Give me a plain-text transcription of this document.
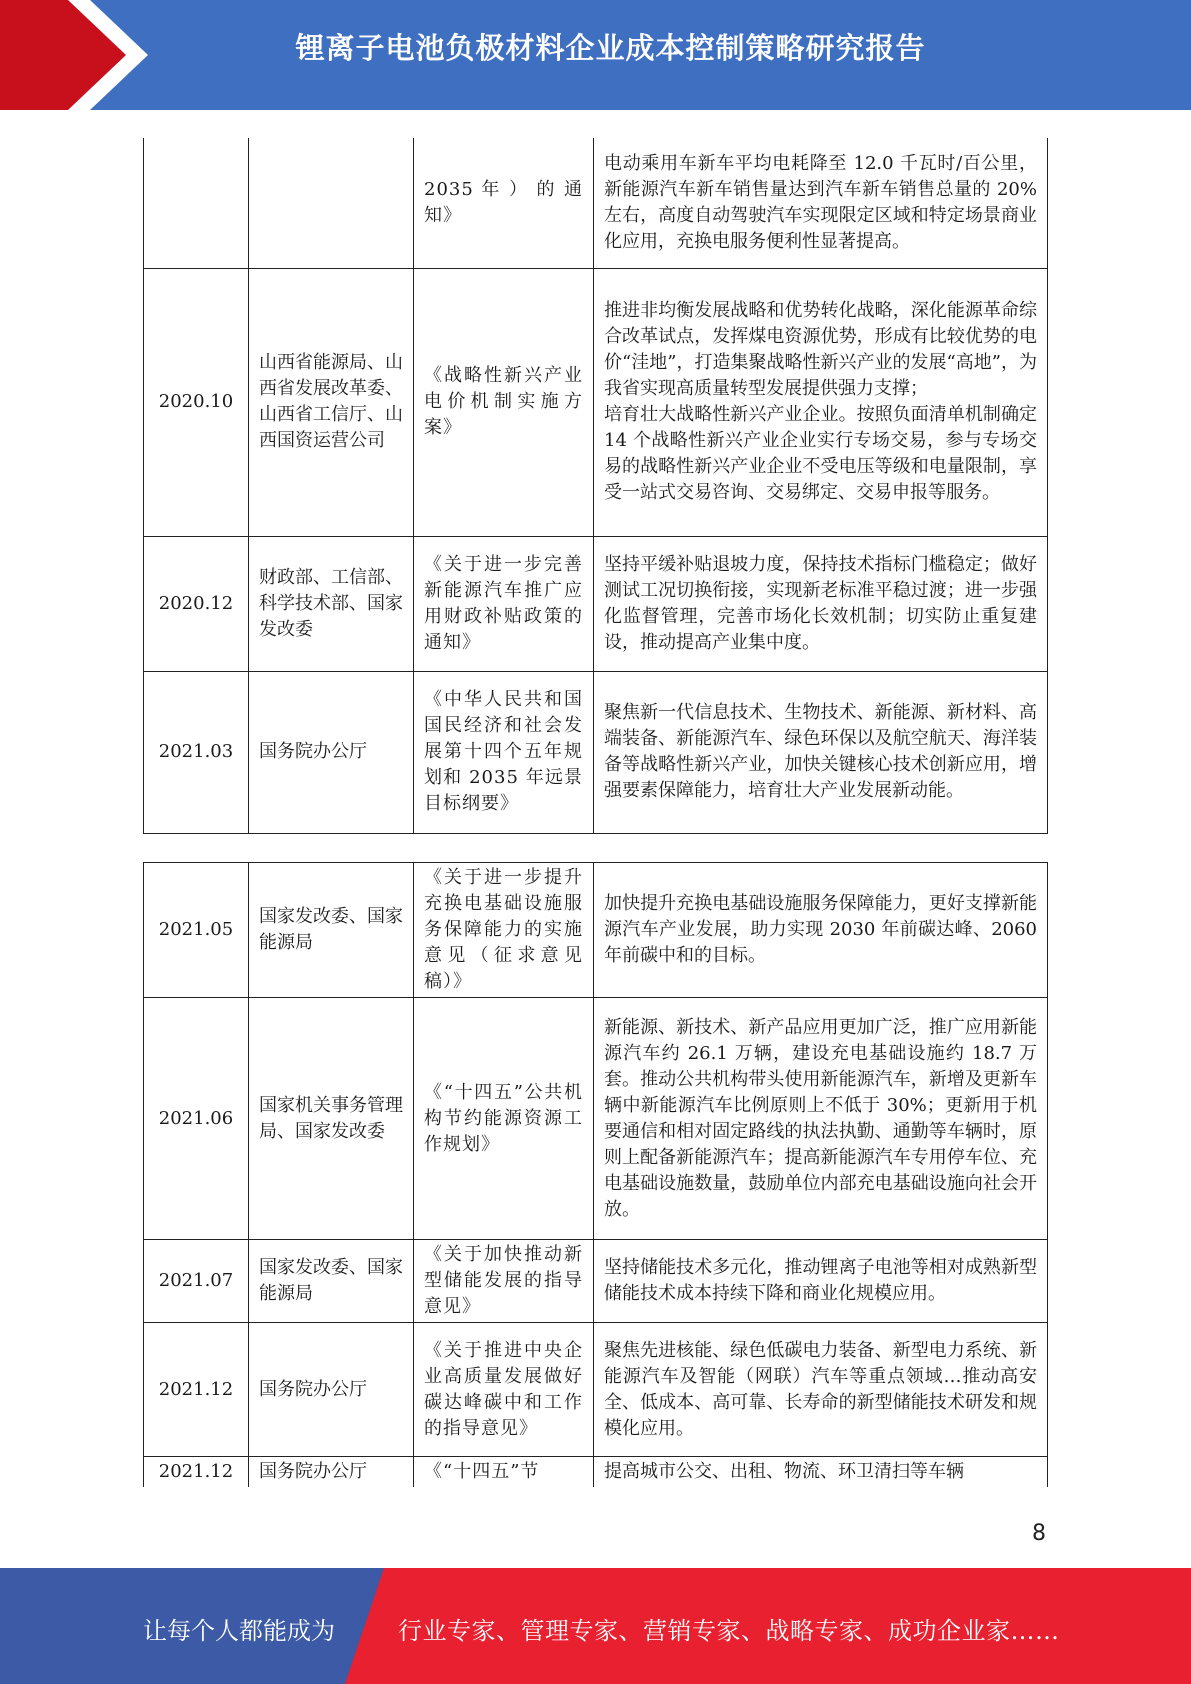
锂离子电池负极材料企业成本控制策略研究报告
		2035 年 ） 的 通 知》	电动乘用车新车平均电耗降至 12.0 千瓦时/百公里，新能源汽车新车销售量达到汽车新车销售总量的 20%左右，高度自动驾驶汽车实现限定区域和特定场景商业化应用，充换电服务便利性显著提高。
2020.10	山西省能源局、山西省发展改革委、山西省工信厅、山西国资运营公司	《战略性新兴产业电价机制实施方案》	推进非均衡发展战略和优势转化战略，深化能源革命综合改革试点，发挥煤电资源优势，形成有比较优势的电价“洼地”，打造集聚战略性新兴产业的发展“高地”，为我省实现高质量转型发展提供强力支撑；
培育壮大战略性新兴产业企业。按照负面清单机制确定 14 个战略性新兴产业企业实行专场交易，参与专场交易的战略性新兴产业企业不受电压等级和电量限制，享受一站式交易咨询、交易绑定、交易申报等服务。

2020.12	财政部、工信部、科学技术部、国家发改委	《关于进一步完善新能源汽车推广应用财政补贴政策的通知》	坚持平缓补贴退坡力度，保持技术指标门槛稳定；做好测试工况切换衔接，实现新老标准平稳过渡；进一步强化监督管理，完善市场化长效机制；切实防止重复建设，推动提高产业集中度。
2021.03	国务院办公厅	《中华人民共和国国民经济和社会发展第十四个五年规划和 2035 年远景目标纲要》	聚焦新一代信息技术、生物技术、新能源、新材料、高端装备、新能源汽车、绿色环保以及航空航天、海洋装备等战略性新兴产业，加快关键核心技术创新应用，增强要素保障能力，培育壮大产业发展新动能。
2021.05	国家发改委、国家能源局	《关于进一步提升充换电基础设施服务保障能力的实施意见（征求意见稿）》	加快提升充换电基础设施服务保障能力，更好支撑新能源汽车产业发展，助力实现 2030 年前碳达峰、2060 年前碳中和的目标。
2021.06	国家机关事务管理局、国家发改委	《“十四五”公共机构节约能源资源工作规划》	新能源、新技术、新产品应用更加广泛，推广应用新能源汽车约 26.1 万辆，建设充电基础设施约 18.7 万套。推动公共机构带头使用新能源汽车，新增及更新车辆中新能源汽车比例原则上不低于 30%；更新用于机要通信和相对固定路线的执法执勤、通勤等车辆时，原则上配备新能源汽车；提高新能源汽车专用停车位、充电基础设施数量，鼓励单位内部充电基础设施向社会开放。
2021.07	国家发改委、国家能源局	《关于加快推动新型储能发展的指导意见》	坚持储能技术多元化，推动锂离子电池等相对成熟新型储能技术成本持续下降和商业化规模应用。
2021.12	国务院办公厅	《关于推进中央企业高质量发展做好碳达峰碳中和工作的指导意见》	聚焦先进核能、绿色低碳电力装备、新型电力系统、新能源汽车及智能（网联）汽车等重点领域…推动高安全、低成本、高可靠、长寿命的新型储能技术研发和规模化应用。
2021.12	国务院办公厅	《“十四五”节	提高城市公交、出租、物流、环卫清扫等车辆
8
让每个人都能成为	行业专家、管理专家、营销专家、战略专家、成功企业家……
